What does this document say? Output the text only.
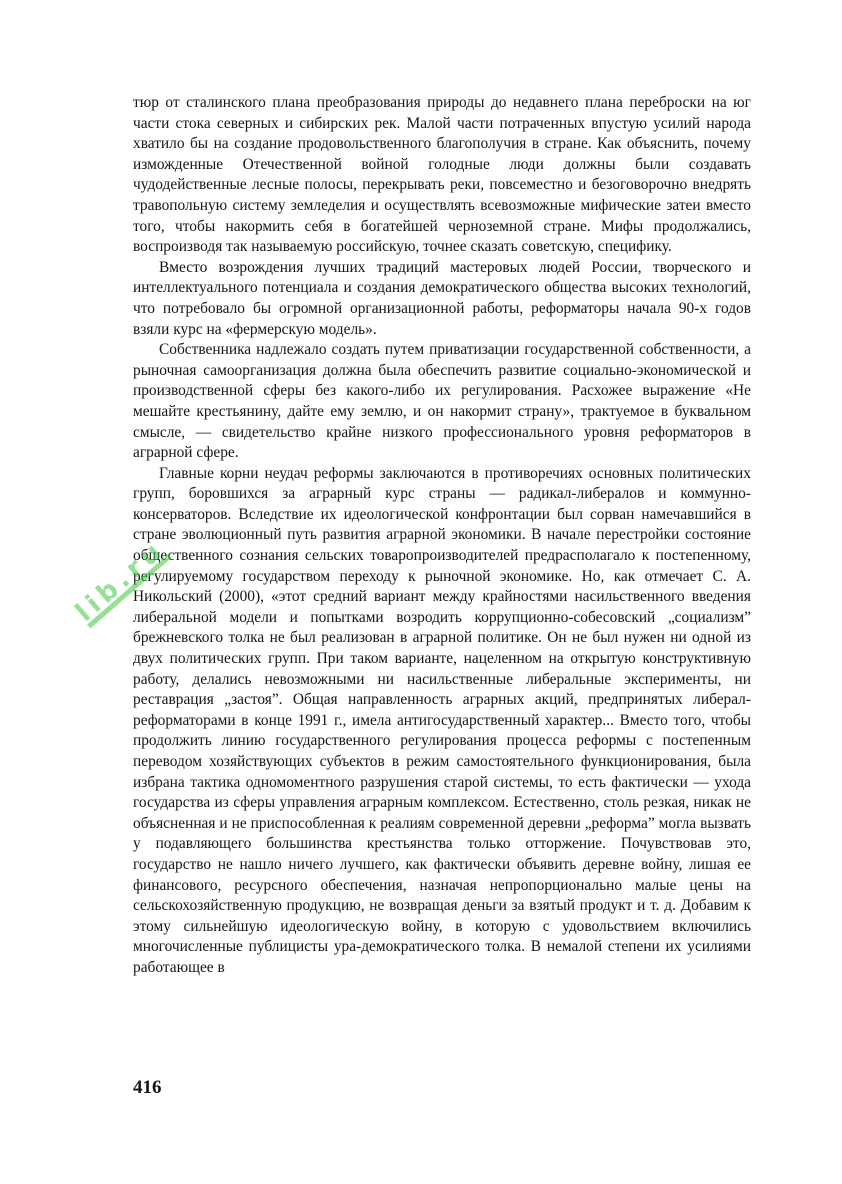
тюр от сталинского плана преобразования природы до недавнего плана переброски на юг части стока северных и сибирских рек. Малой части потраченных впустую усилий народа хватило бы на создание продовольственного благополучия в стране. Как объяснить, почему изможденные Отечественной войной голодные люди должны были создавать чудодейственные лесные полосы, перекрывать реки, повсеместно и безоговорочно внедрять травопольную систему земледелия и осуществлять всевозможные мифические затеи вместо того, чтобы накормить себя в богатейшей черноземной стране. Мифы продолжались, воспроизводя так называемую российскую, точнее сказать советскую, специфику.

Вместо возрождения лучших традиций мастеровых людей России, творческого и интеллектуального потенциала и создания демократического общества высоких технологий, что потребовало бы огромной организационной работы, реформаторы начала 90-х годов взяли курс на «фермерскую модель».

Собственника надлежало создать путем приватизации государственной собственности, а рыночная самоорганизация должна была обеспечить развитие социально-экономической и производственной сферы без какого-либо их регулирования. Расхожее выражение «Не мешайте крестьянину, дайте ему землю, и он накормит страну», трактуемое в буквальном смысле, — свидетельство крайне низкого профессионального уровня реформаторов в аграрной сфере.

Главные корни неудач реформы заключаются в противоречиях основных политических групп, боровшихся за аграрный курс страны — радикал-либералов и коммунно-консерваторов. Вследствие их идеологической конфронтации был сорван намечавшийся в стране эволюционный путь развития аграрной экономики. В начале перестройки состояние общественного сознания сельских товаропроизводителей предрасполагало к постепенному, регулируемому государством переходу к рыночной экономике. Но, как отмечает С. А. Никольский (2000), «этот средний вариант между крайностями насильственного введения либеральной модели и попытками возродить коррупционно-собесовский „социализм” брежневского толка не был реализован в аграрной политике. Он не был нужен ни одной из двух политических групп. При таком варианте, нацеленном на открытую конструктивную работу, делались невозможными ни насильственные либеральные эксперименты, ни реставрация „застоя”. Общая направленность аграрных акций, предпринятых либерал-реформаторами в конце 1991 г., имела антигосударственный характер... Вместо того, чтобы продолжить линию государственного регулирования процесса реформы с постепенным переводом хозяйствующих субъектов в режим самостоятельного функционирования, была избрана тактика одномоментного разрушения старой системы, то есть фактически — ухода государства из сферы управления аграрным комплексом. Естественно, столь резкая, никак не объясненная и не приспособленная к реалиям современной деревни „реформа” могла вызвать у подавляющего большинства крестьянства только отторжение. Почувствовав это, государство не нашло ничего лучшего, как фактически объявить деревне войну, лишая ее финансового, ресурсного обеспечения, назначая непропорционально малые цены на сельскохозяйственную продукцию, не возвращая деньги за взятый продукт и т. д. Добавим к этому сильнейшую идеологическую войну, в которую с удовольствием включились многочисленные публицисты ура-демократического толка. В немалой степени их усилиями работающее в

416
lib.ru
